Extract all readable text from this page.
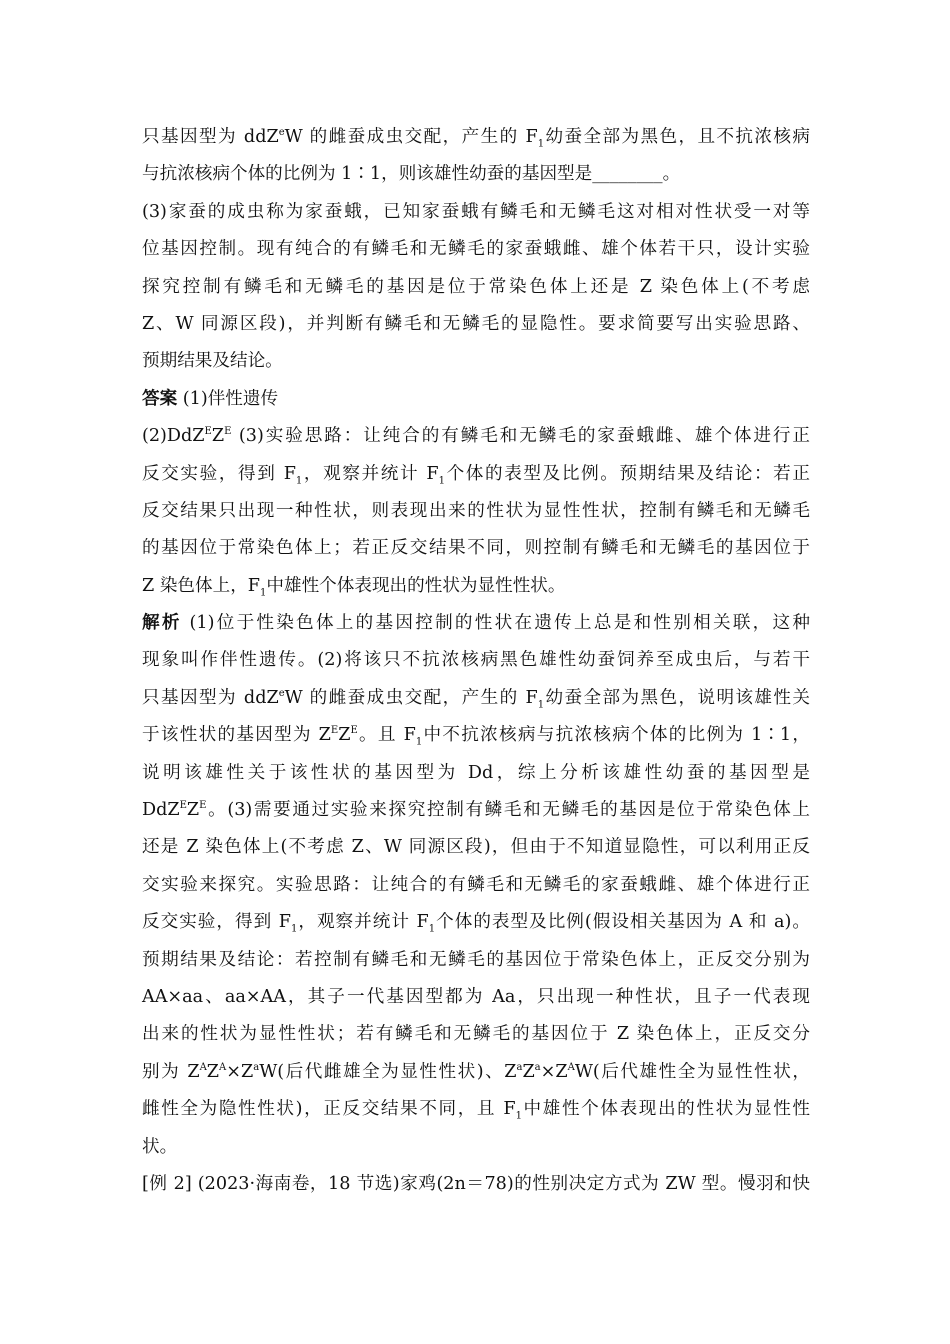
只基因型为 ddZ$^e$W 的雌蚕成虫交配，产生的 $F_1$幼蚕全部为黑色，且不抗浓核病
与抗浓核病个体的比例为 1∶1，则该雄性幼蚕的基因型是________。
(3)家蚕的成虫称为家蚕蛾，已知家蚕蛾有鳞毛和无鳞毛这对相对性状受一对等
位基因控制。现有纯合的有鳞毛和无鳞毛的家蚕蛾雌、雄个体若干只，设计实验
探究控制有鳞毛和无鳞毛的基因是位于常染色体上还是 Z 染色体上(不考虑
Z、W 同源区段)，并判断有鳞毛和无鳞毛的显隐性。要求简要写出实验思路、
预期结果及结论。
答案 (1)伴性遗传
$(2)DdZ^EZ^E$ (3)实验思路：让纯合的有鳞毛和无鳞毛的家蚕蛾雌、雄个体进行正
反交实验，得到 $F_1$，观察并统计 $F_1$个体的表型及比例。预期结果及结论：若正
反交结果只出现一种性状，则表现出来的性状为显性性状，控制有鳞毛和无鳞毛
的基因位于常染色体上；若正反交结果不同，则控制有鳞毛和无鳞毛的基因位于
Z 染色体上，$F_1$中雄性个体表现出的性状为显性性状。
解析 (1)位于性染色体上的基因控制的性状在遗传上总是和性别相关联，这种
现象叫作伴性遗传。(2)将该只不抗浓核病黑色雄性幼蚕饲养至成虫后，与若干
只基因型为 ddZ$^e$W 的雌蚕成虫交配，产生的 $F_1$幼蚕全部为黑色，说明该雄性关
于该性状的基因型为 $Z^EZ^E$。且 $F_1$中不抗浓核病与抗浓核病个体的比例为 1∶1，
说明该雄性关于该性状的基因型为 Dd，综上分析该雄性幼蚕的基因型是
$DdZ^EZ^E$。(3)需要通过实验来探究控制有鳞毛和无鳞毛的基因是位于常染色体上
还是 Z 染色体上(不考虑 Z、W 同源区段)，但由于不知道显隐性，可以利用正反
交实验来探究。实验思路：让纯合的有鳞毛和无鳞毛的家蚕蛾雌、雄个体进行正
反交实验，得到 $F_1$，观察并统计 $F_1$个体的表型及比例(假设相关基因为 A 和 a)。
预期结果及结论：若控制有鳞毛和无鳞毛的基因位于常染色体上，正反交分别为
AA×aa、aa×AA，其子一代基因型都为 Aa，只出现一种性状，且子一代表现
出来的性状为显性性状；若有鳞毛和无鳞毛的基因位于 Z 染色体上，正反交分
别为 $Z^AZ^A\times Z^aW$(后代雌雄全为显性性状)、$Z^aZ^a\times Z^AW$(后代雄性全为显性性状，
雌性全为隐性性状)，正反交结果不同，且 $F_1$中雄性个体表现出的性状为显性性
状。
[例 2] (2023·海南卷，18 节选)家鸡(2n＝78)的性别决定方式为 ZW 型。慢羽和快
